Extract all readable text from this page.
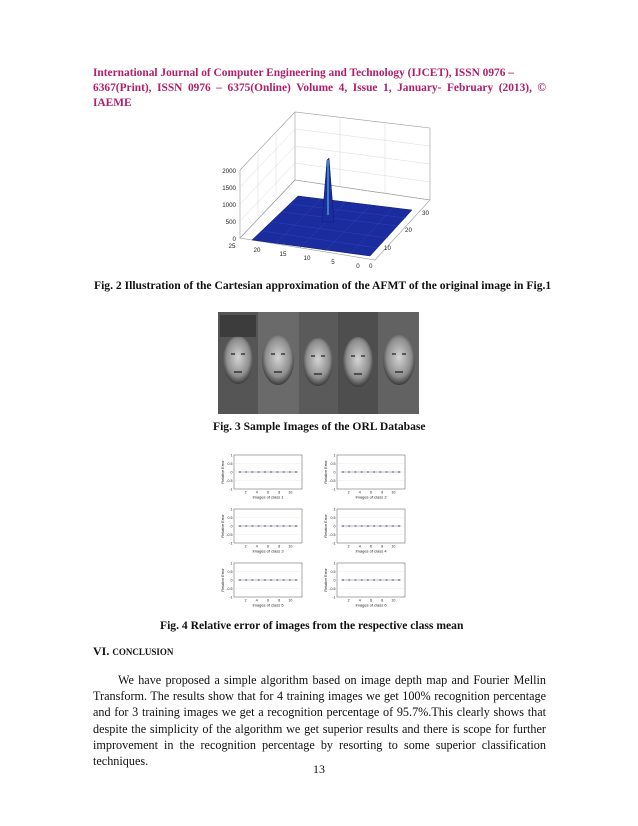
International Journal of Computer Engineering and Technology (IJCET), ISSN 0976 –
6367(Print), ISSN 0976 – 6375(Online) Volume 4, Issue 1, January- February (2013), © IAEME
2000
1500
1000
500
0
25
20
15
10
5
0 0
10
20
30
Fig. 2 Illustration of the Cartesian approximation of the AFMT of the original image in Fig.1
Fig. 3 Sample Images of the ORL Database
1
0.5
0
-0.5
-1
2	4	6	8 10
Images of class 1
Relative Error
1
0.5
0
-0.5
-1
2	4	6	8 10
Images of class 2
Relative Error
1
0.5
0
-0.5
-1
2	4	6	8 10
Images of class 3
Relative Error
1
0.5
0
-0.5
-1
2	4	6	8 10
Images of class 4
Relative Error
1
0.5
0
-0.5
-1
2	4	6	8 10
Images of class 5
Relative Error
1
0.5
0
-0.5
-1
2	4	6	8 10
Images of class 6
Relative Error
Fig. 4 Relative error of images from the respective class mean
VI. CONCLUSION

We have proposed a simple algorithm based on image depth map and Fourier Mellin Transform. The results show that for 4 training images we get 100% recognition percentage and for 3 training images we get a recognition percentage of 95.7%.This clearly shows that despite the simplicity of the algorithm we get superior results and there is scope for further improvement in the recognition percentage by resorting to some superior classification techniques.

13
